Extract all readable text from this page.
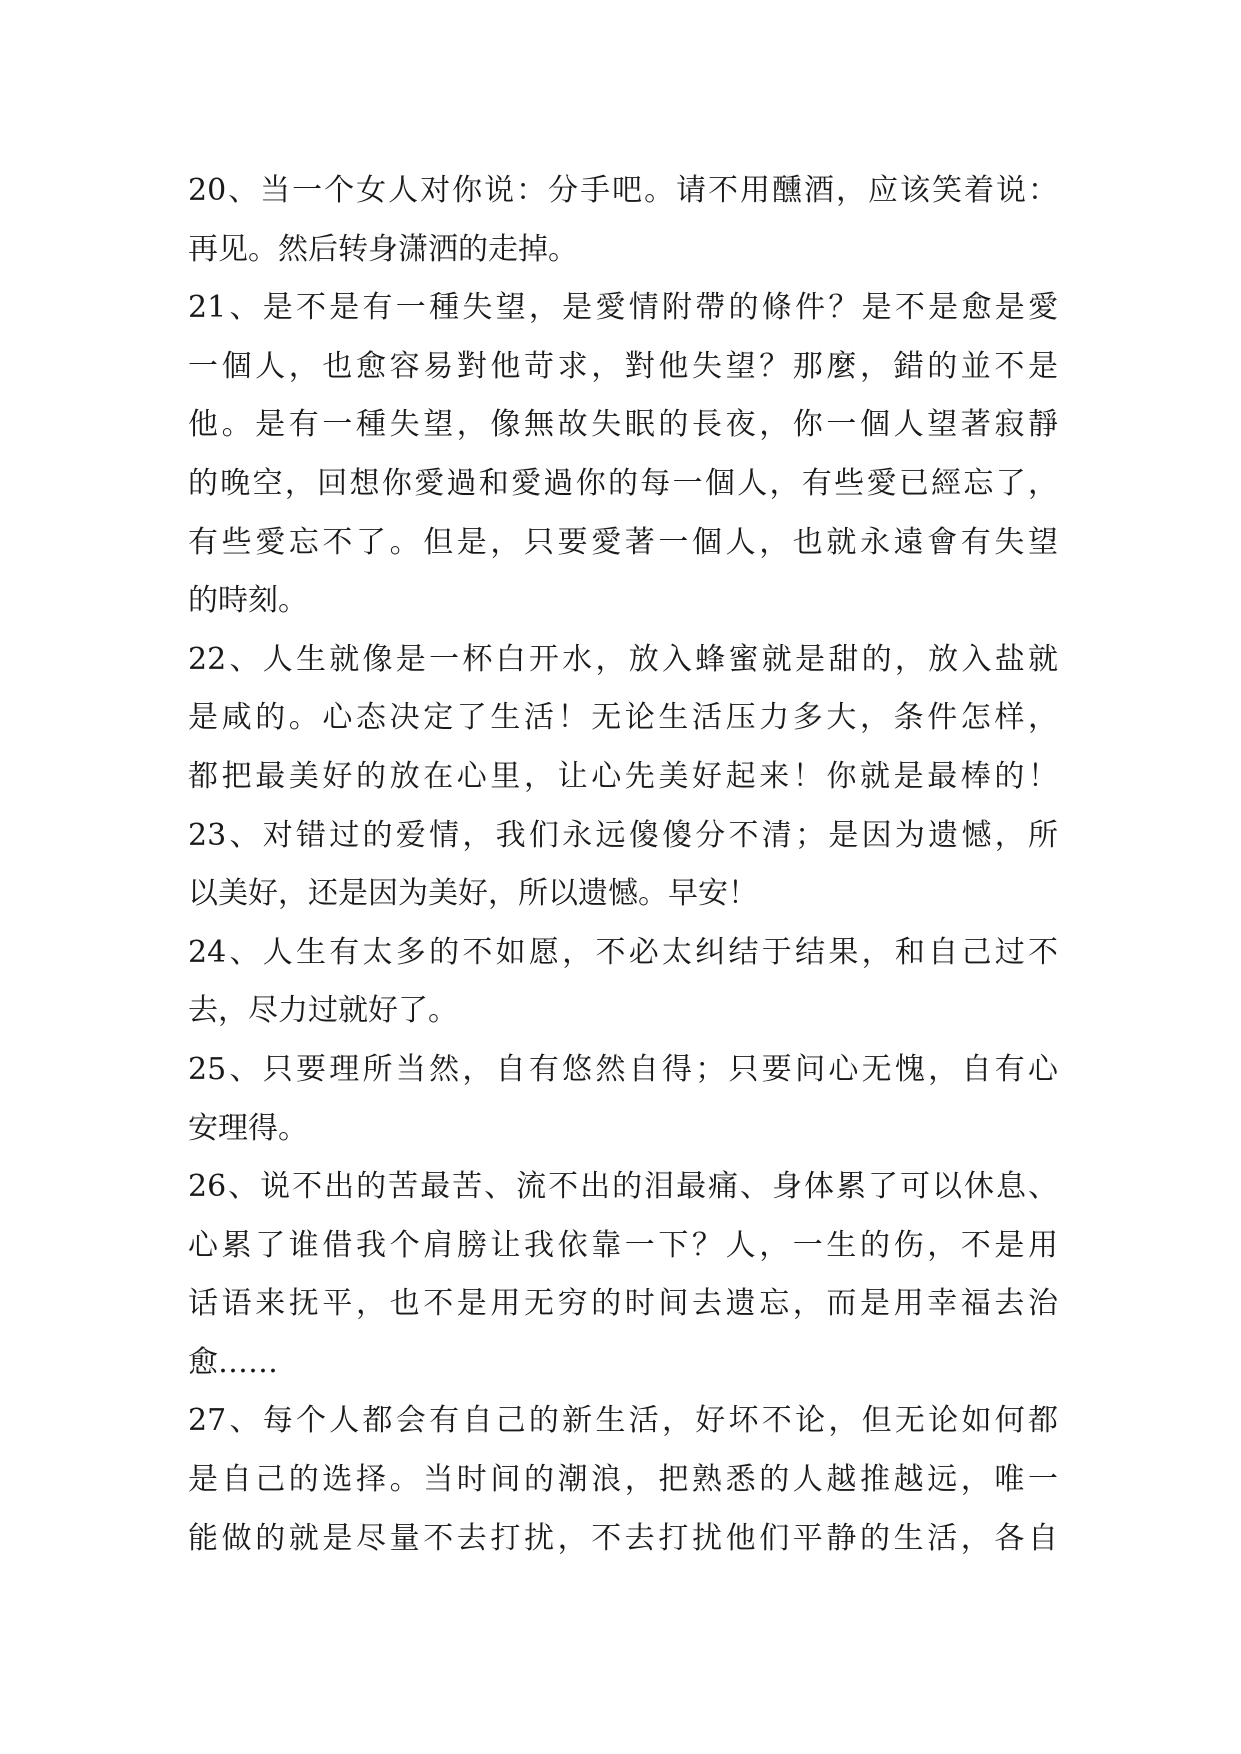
20、当一个女人对你说：分手吧。请不用醺酒，应该笑着说：
再见。然后转身潇洒的走掉。
21、是不是有一種失望，是愛情附帶的條件？是不是愈是愛
一個人，也愈容易對他苛求，對他失望？那麼，錯的並不是
他。是有一種失望，像無故失眠的長夜，你一個人望著寂靜
的晚空，回想你愛過和愛過你的每一個人，有些愛已經忘了，
有些愛忘不了。但是，只要愛著一個人，也就永遠會有失望
的時刻。
22、人生就像是一杯白开水，放入蜂蜜就是甜的，放入盐就
是咸的。心态决定了生活！无论生活压力多大，条件怎样，
都把最美好的放在心里，让心先美好起来！你就是最棒的！
23、对错过的爱情，我们永远傻傻分不清；是因为遗憾，所
以美好，还是因为美好，所以遗憾。早安！
24、人生有太多的不如愿，不必太纠结于结果，和自己过不
去，尽力过就好了。
25、只要理所当然，自有悠然自得；只要问心无愧，自有心
安理得。
26、说不出的苦最苦、流不出的泪最痛、身体累了可以休息、
心累了谁借我个肩膀让我依靠一下？人，一生的伤，不是用
话语来抚平，也不是用无穷的时间去遗忘，而是用幸福去治
愈……
27、每个人都会有自己的新生活，好坏不论，但无论如何都
是自己的选择。当时间的潮浪，把熟悉的人越推越远，唯一
能做的就是尽量不去打扰，不去打扰他们平静的生活，各自
